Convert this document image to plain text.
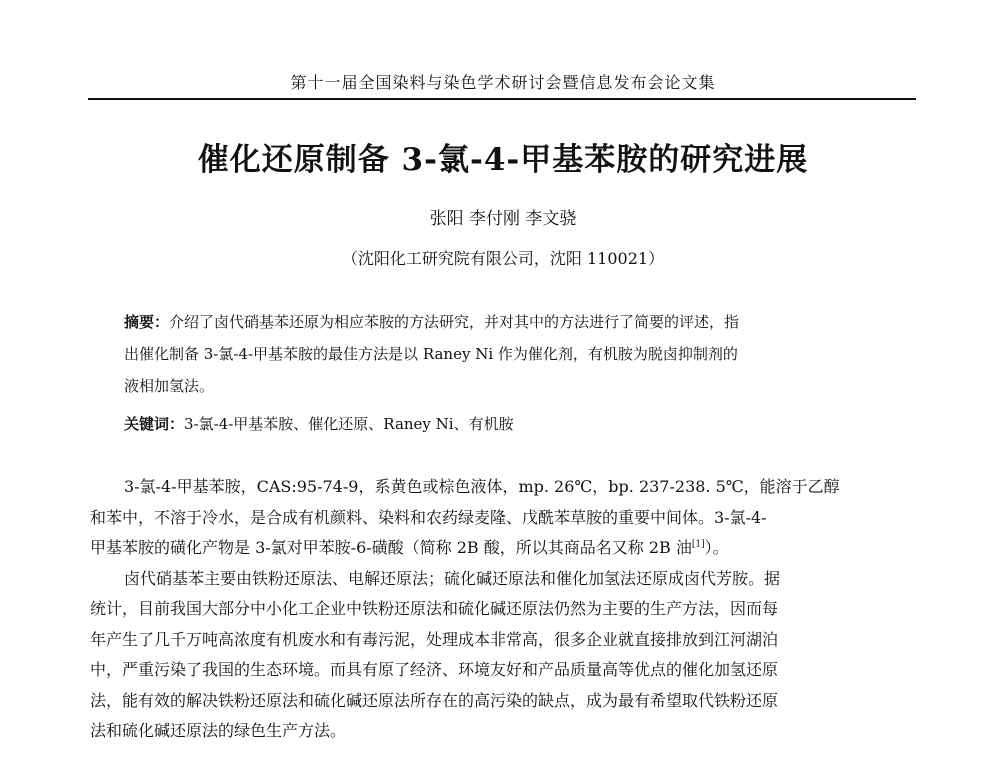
第十一届全国染料与染色学术研讨会暨信息发布会论文集
催化还原制备 3-氯-4-甲基苯胺的研究进展
张阳 李付刚 李文骁
（沈阳化工研究院有限公司，沈阳 110021）
摘要：介绍了卤代硝基苯还原为相应苯胺的方法研究，并对其中的方法进行了简要的评述，指
出催化制备 3-氯-4-甲基苯胺的最佳方法是以 Raney Ni 作为催化剂，有机胺为脱卤抑制剂的
液相加氢法。
关键词：3-氯-4-甲基苯胺、催化还原、Raney Ni、有机胺
3-氯-4-甲基苯胺，CAS:95-74-9，系黄色或棕色液体，mp. 26℃，bp. 237-238. 5℃，能溶于乙醇
和苯中，不溶于冷水，是合成有机颜料、染料和农药绿麦隆、戊酰苯草胺的重要中间体。3-氯-4-
甲基苯胺的磺化产物是 3-氯对甲苯胺-6-磺酸（简称 2B 酸，所以其商品名又称 2B 油[1]）。
卤代硝基苯主要由铁粉还原法、电解还原法；硫化碱还原法和催化加氢法还原成卤代芳胺。据
统计，目前我国大部分中小化工企业中铁粉还原法和硫化碱还原法仍然为主要的生产方法，因而每
年产生了几千万吨高浓度有机废水和有毒污泥，处理成本非常高，很多企业就直接排放到江河湖泊
中，严重污染了我国的生态环境。而具有原了经济、环境友好和产品质量高等优点的催化加氢还原
法，能有效的解决铁粉还原法和硫化碱还原法所存在的高污染的缺点，成为最有希望取代铁粉还原
法和硫化碱还原法的绿色生产方法。
